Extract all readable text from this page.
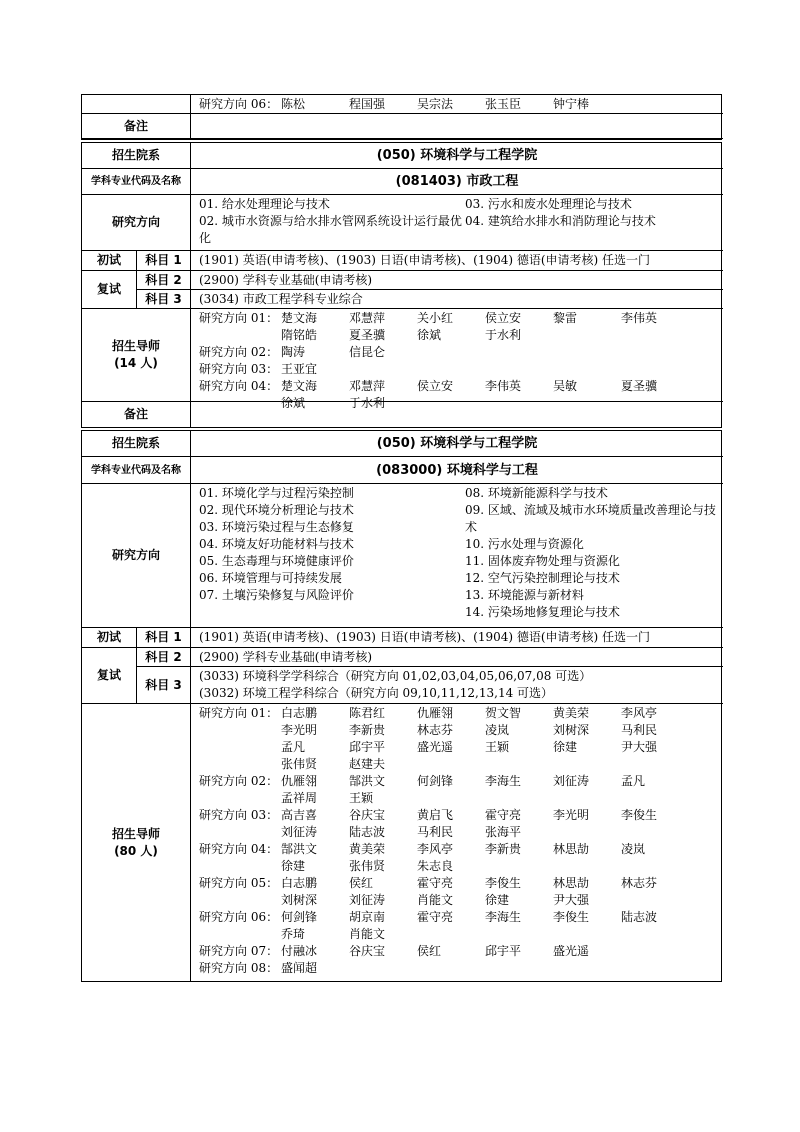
研究方向 06： 陈松	程国强	吴宗法	张玉臣	钟宁棒
备注
招生院系	(050) 环境科学与工程学院
学科专业代码及名称	(081403) 市政工程
研究方向
01. 给水处理理论与技术
02. 城市水资源与给水排水管网系统设计运行最优化
03. 污水和废水处理理论与技术
04. 建筑给水排水和消防理论与技术
初试	科目 1	(1901) 英语(申请考核)、(1903) 日语(申请考核)、(1904) 德语(申请考核) 任选一门
复试
科目 2	(2900) 学科专业基础(申请考核)
科目 3	(3034) 市政工程学科专业综合
招生导师
(14 人)
研究方向 01： 楚文海	邓慧萍	关小红	侯立安	黎雷	李伟英
隋铭皓	夏圣骥	徐斌	于水利
研究方向 02： 陶涛	信昆仑
研究方向 03： 王亚宜
研究方向 04： 楚文海	邓慧萍	侯立安	李伟英	吴敏	夏圣骥
徐斌	于水利
备注
招生院系	(050) 环境科学与工程学院
学科专业代码及名称	(083000) 环境科学与工程
研究方向
01. 环境化学与过程污染控制
02. 现代环境分析理论与技术
03. 环境污染过程与生态修复
04. 环境友好功能材料与技术
05. 生态毒理与环境健康评价
06. 环境管理与可持续发展
07. 土壤污染修复与风险评价
08. 环境新能源科学与技术
09. 区域、流域及城市水环境质量改善理论与技术
10. 污水处理与资源化
11. 固体废弃物处理与资源化
12. 空气污染控制理论与技术
13. 环境能源与新材料
14. 污染场地修复理论与技术
初试	科目 1	(1901) 英语(申请考核)、(1903) 日语(申请考核)、(1904) 德语(申请考核) 任选一门
复试
科目 2	(2900) 学科专业基础(申请考核)
科目 3
(3033) 环境科学学科综合（研究方向 01,02,03,04,05,06,07,08 可选）
(3032) 环境工程学科综合（研究方向 09,10,11,12,13,14 可选）
招生导师
(80 人)
研究方向 01： 白志鹏	陈君红	仇雁翎	贺文智	黄美荣	李风亭
李光明	李新贵	林志芬	凌岚	刘树深	马利民
孟凡	邱宇平	盛光遥	王颖	徐建	尹大强
张伟贤	赵建夫
研究方向 02： 仇雁翎	郜洪文	何剑锋	李海生	刘征涛	孟凡
孟祥周	王颖
研究方向 03： 高吉喜	谷庆宝	黄启飞	霍守亮	李光明	李俊生
刘征涛	陆志波	马利民	张海平
研究方向 04： 郜洪文	黄美荣	李风亭	李新贵	林思劼	凌岚
徐建	张伟贤	朱志良
研究方向 05： 白志鹏	侯红	霍守亮	李俊生	林思劼	林志芬
刘树深	刘征涛	肖能文	徐建	尹大强
研究方向 06： 何剑锋	胡京南	霍守亮	李海生	李俊生	陆志波
乔琦	肖能文
研究方向 07： 付融冰	谷庆宝	侯红	邱宇平	盛光遥
研究方向 08： 盛闻超
